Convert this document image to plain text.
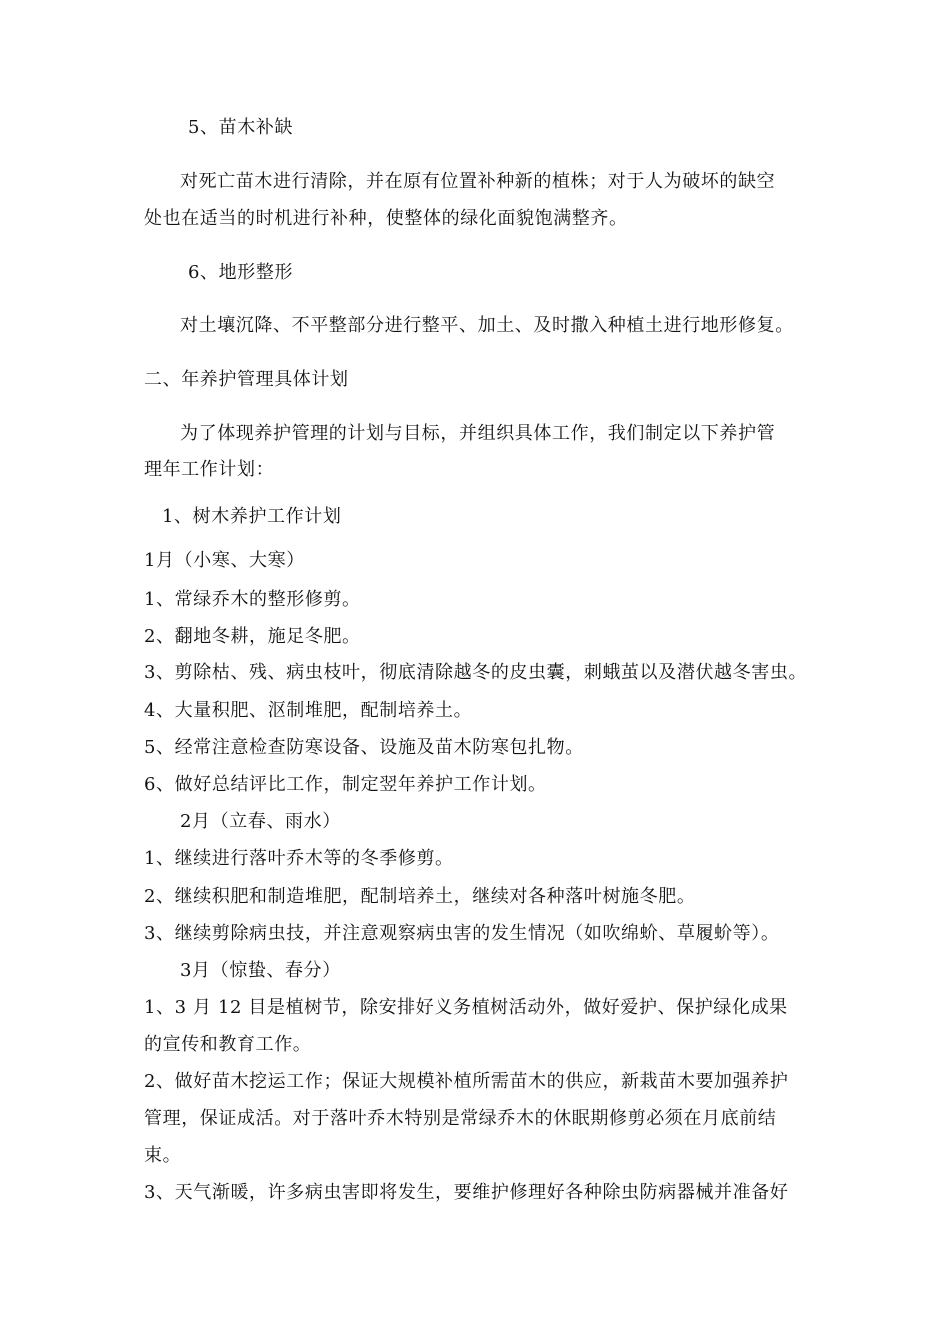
5、苗木补缺

对死亡苗木进行清除，并在原有位置补种新的植株；对于人为破坏的缺空

处也在适当的时机进行补种，使整体的绿化面貌饱满整齐。

6、地形整形

对土壤沉降、不平整部分进行整平、加土、及时撒入种植土进行地形修复。

二、年养护管理具体计划

为了体现养护管理的计划与目标，并组织具体工作，我们制定以下养护管

理年工作计划：

1、树木养护工作计划

1月（小寒、大寒）

1、常绿乔木的整形修剪。

2、翻地冬耕，施足冬肥。

3、剪除枯、残、病虫枝叶，彻底清除越冬的皮虫囊，刺蛾茧以及潜伏越冬害虫。

4、大量积肥、沤制堆肥，配制培养土。

5、经常注意检查防寒设备、设施及苗木防寒包扎物。

6、做好总结评比工作，制定翌年养护工作计划。

2月（立春、雨水）

1、继续进行落叶乔木等的冬季修剪。

2、继续积肥和制造堆肥，配制培养土，继续对各种落叶树施冬肥。

3、继续剪除病虫技，并注意观察病虫害的发生情况（如吹绵蚧、草履蚧等）。

3月（惊蛰、春分）

1、3 月 12 目是植树节，除安排好义务植树活动外，做好爱护、保护绿化成果

的宣传和教育工作。

2、做好苗木挖运工作；保证大规模补植所需苗木的供应，新栽苗木要加强养护

管理，保证成活。对于落叶乔木特别是常绿乔木的休眠期修剪必须在月底前结

束。

3、天气渐暖，许多病虫害即将发生，要维护修理好各种除虫防病器械并准备好
